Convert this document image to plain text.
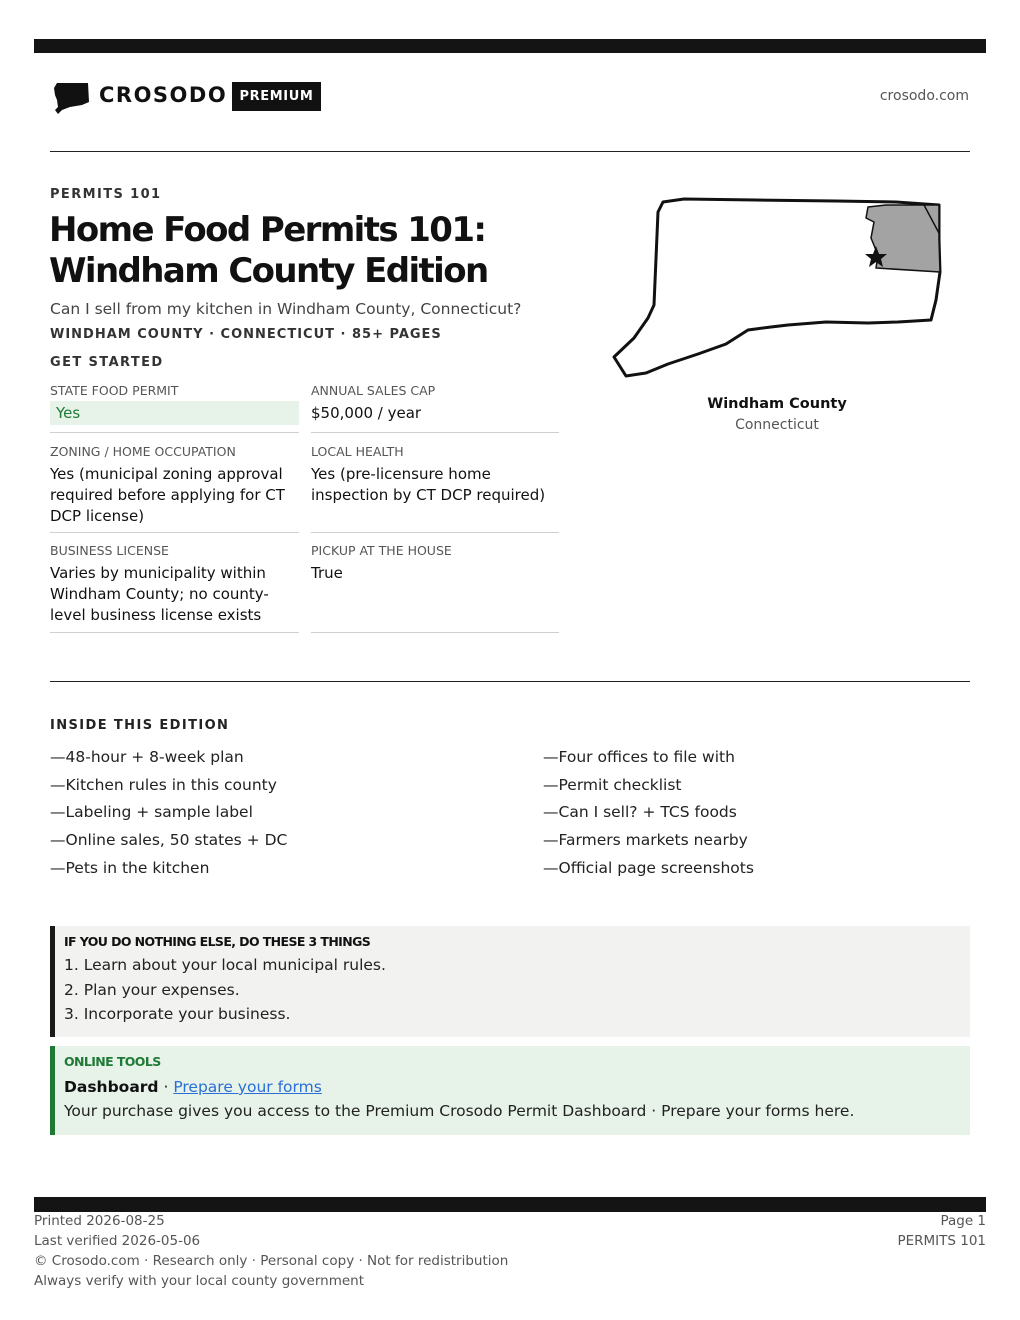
CROSODO PREMIUM	crosodo.com
PERMITS 101
Home Food Permits 101:
Windham County Edition
Can I sell from my kitchen in Windham County, Connecticut?
WINDHAM COUNTY · CONNECTICUT · 85+ PAGES
GET STARTED
STATE FOOD PERMIT
Yes
ANNUAL SALES CAP
$50,000 / year
ZONING / HOME OCCUPATION
Yes (municipal zoning approval required before applying for CT DCP license)
LOCAL HEALTH
Yes (pre-licensure home inspection by CT DCP required)
BUSINESS LICENSE
Varies by municipality within Windham County; no county-level business license exists
PICKUP AT THE HOUSE
True
Windham County
Connecticut
INSIDE THIS EDITION
—48-hour + 8-week plan
—Kitchen rules in this county
—Labeling + sample label
—Online sales, 50 states + DC
—Pets in the kitchen
—Four offices to file with
—Permit checklist
—Can I sell? + TCS foods
—Farmers markets nearby
—Official page screenshots
IF YOU DO NOTHING ELSE, DO THESE 3 THINGS
1. Learn about your local municipal rules.
2. Plan your expenses.
3. Incorporate your business.
ONLINE TOOLS
Dashboard · Prepare your forms
Your purchase gives you access to the Premium Crosodo Permit Dashboard · Prepare your forms here.
Printed 2026-08-25
Last verified 2026-05-06
© Crosodo.com · Research only · Personal copy · Not for redistribution
Always verify with your local county government
Page 1
PERMITS 101
